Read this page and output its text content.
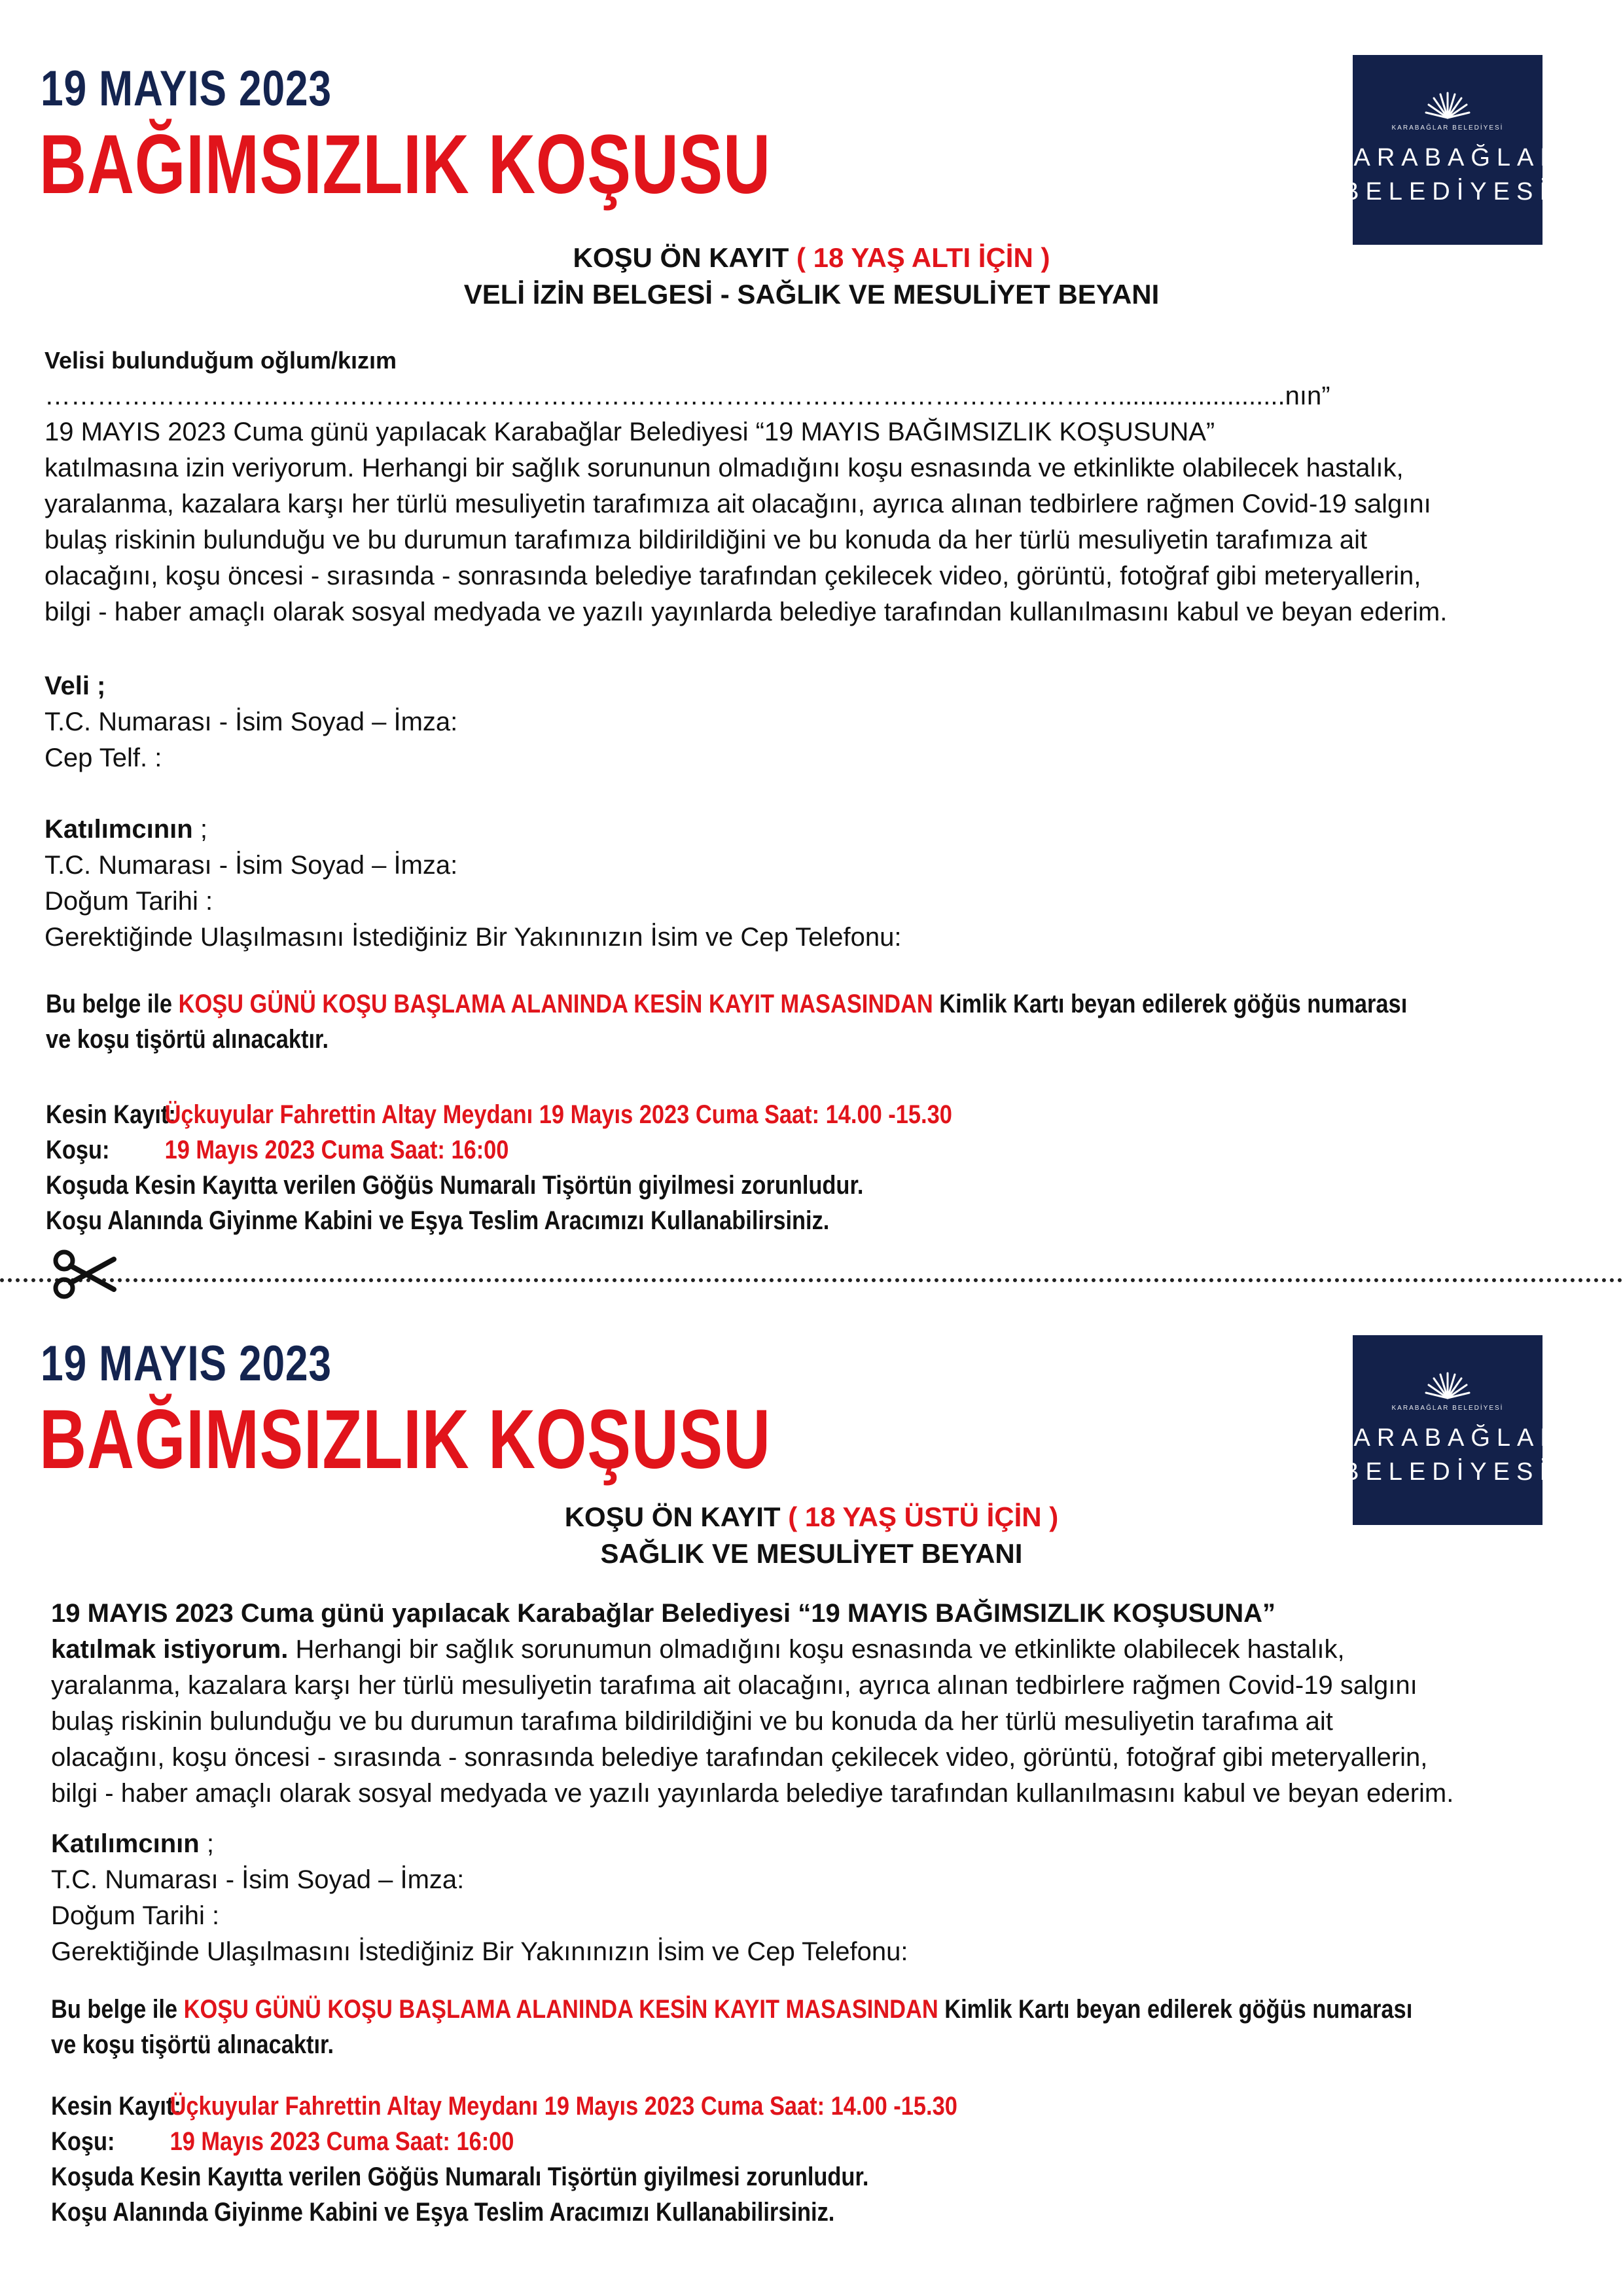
19 MAYIS 2023
BAĞIMSIZLIK KOŞUSU	KARABAĞLAR BELEDİYESİ
KARABAĞLAR
BELEDİYESİ
KOŞU ÖN KAYIT ( 18 YAŞ ALTI İÇİN )
VELİ İZİN BELGESİ - SAĞLIK VE MESULİYET BEYANI
Velisi bulunduğum oğlum/kızım
…………………………………………………………………………………………………………….......................nın”
19 MAYIS 2023 Cuma günü yapılacak Karabağlar Belediyesi “19 MAYIS BAĞIMSIZLIK KOŞUSUNA”
katılmasına izin veriyorum. Herhangi bir sağlık sorununun olmadığını koşu esnasında ve etkinlikte olabilecek hastalık,
yaralanma, kazalara karşı her türlü mesuliyetin tarafımıza ait olacağını, ayrıca alınan tedbirlere rağmen Covid-19 salgını
bulaş riskinin bulunduğu ve bu durumun tarafımıza bildirildiğini ve bu konuda da her türlü mesuliyetin tarafımıza ait
olacağını, koşu öncesi - sırasında - sonrasında belediye tarafından çekilecek video, görüntü, fotoğraf gibi meteryallerin,
bilgi - haber amaçlı olarak sosyal medyada ve yazılı yayınlarda belediye tarafından kullanılmasını kabul ve beyan ederim.
Veli ;
T.C. Numarası - İsim Soyad – İmza:
Cep Telf. :
Katılımcının ;
T.C. Numarası - İsim Soyad – İmza:
Doğum Tarihi :
Gerektiğinde Ulaşılmasını İstediğiniz Bir Yakınınızın İsim ve Cep Telefonu:
Bu belge ile KOŞU GÜNÜ KOŞU BAŞLAMA ALANINDA KESİN KAYIT MASASINDAN Kimlik Kartı beyan edilerek göğüs numarası
ve koşu tişörtü alınacaktır.
Kesin Kayıt: Üçkuyular Fahrettin Altay Meydanı 19 Mayıs 2023 Cuma Saat: 14.00 -15.30
Koşu: 19 Mayıs 2023 Cuma Saat: 16:00
Koşuda Kesin Kayıtta verilen Göğüs Numaralı Tişörtün giyilmesi zorunludur.
Koşu Alanında Giyinme Kabini ve Eşya Teslim Aracımızı Kullanabilirsiniz.
19 MAYIS 2023
BAĞIMSIZLIK KOŞUSU	KARABAĞLAR BELEDİYESİ
KARABAĞLAR
BELEDİYESİ
KOŞU ÖN KAYIT ( 18 YAŞ ÜSTÜ İÇİN )
SAĞLIK VE MESULİYET BEYANI
19 MAYIS 2023 Cuma günü yapılacak Karabağlar Belediyesi “19 MAYIS BAĞIMSIZLIK KOŞUSUNA”
katılmak istiyorum. Herhangi bir sağlık sorunumun olmadığını koşu esnasında ve etkinlikte olabilecek hastalık,
yaralanma, kazalara karşı her türlü mesuliyetin tarafıma ait olacağını, ayrıca alınan tedbirlere rağmen Covid-19 salgını
bulaş riskinin bulunduğu ve bu durumun tarafıma bildirildiğini ve bu konuda da her türlü mesuliyetin tarafıma ait
olacağını, koşu öncesi - sırasında - sonrasında belediye tarafından çekilecek video, görüntü, fotoğraf gibi meteryallerin,
bilgi - haber amaçlı olarak sosyal medyada ve yazılı yayınlarda belediye tarafından kullanılmasını kabul ve beyan ederim.
Katılımcının ;
T.C. Numarası - İsim Soyad – İmza:
Doğum Tarihi :
Gerektiğinde Ulaşılmasını İstediğiniz Bir Yakınınızın İsim ve Cep Telefonu:
Bu belge ile KOŞU GÜNÜ KOŞU BAŞLAMA ALANINDA KESİN KAYIT MASASINDAN Kimlik Kartı beyan edilerek göğüs numarası
ve koşu tişörtü alınacaktır.
Kesin Kayıt: Üçkuyular Fahrettin Altay Meydanı 19 Mayıs 2023 Cuma Saat: 14.00 -15.30
Koşu: 19 Mayıs 2023 Cuma Saat: 16:00
Koşuda Kesin Kayıtta verilen Göğüs Numaralı Tişörtün giyilmesi zorunludur.
Koşu Alanında Giyinme Kabini ve Eşya Teslim Aracımızı Kullanabilirsiniz.
